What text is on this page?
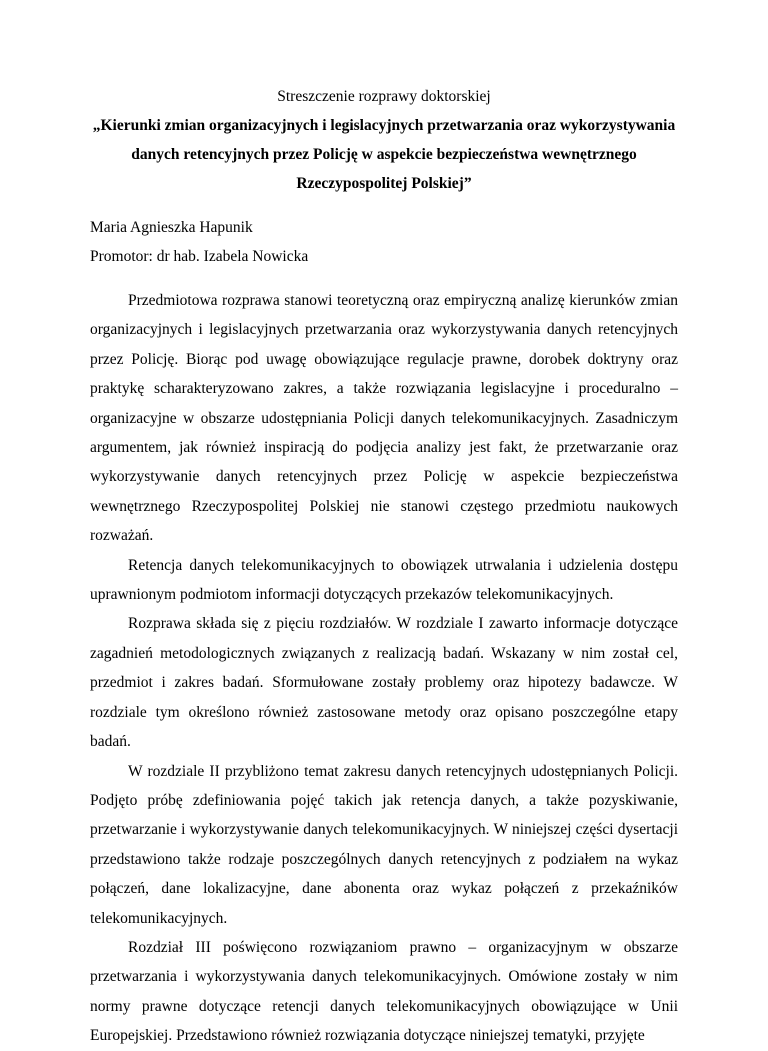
Streszczenie rozprawy doktorskiej
„Kierunki zmian organizacyjnych i legislacyjnych przetwarzania oraz wykorzystywania danych retencyjnych przez Policję w aspekcie bezpieczeństwa wewnętrznego Rzeczypospolitej Polskiej”
Maria Agnieszka Hapunik
Promotor: dr hab. Izabela Nowicka

Przedmiotowa rozprawa stanowi teoretyczną oraz empiryczną analizę kierunków zmian organizacyjnych i legislacyjnych przetwarzania oraz wykorzystywania danych retencyjnych przez Policję. Biorąc pod uwagę obowiązujące regulacje prawne, dorobek doktryny oraz praktykę scharakteryzowano zakres, a także rozwiązania legislacyjne i proceduralno – organizacyjne w obszarze udostępniania Policji danych telekomunikacyjnych. Zasadniczym argumentem, jak również inspiracją do podjęcia analizy jest fakt, że przetwarzanie oraz wykorzystywanie danych retencyjnych przez Policję w aspekcie bezpieczeństwa wewnętrznego Rzeczypospolitej Polskiej nie stanowi częstego przedmiotu naukowych rozważań.

Retencja danych telekomunikacyjnych to obowiązek utrwalania i udzielenia dostępu uprawnionym podmiotom informacji dotyczących przekazów telekomunikacyjnych.

Rozprawa składa się z pięciu rozdziałów. W rozdziale I zawarto informacje dotyczące zagadnień metodologicznych związanych z realizacją badań. Wskazany w nim został cel, przedmiot i zakres badań. Sformułowane zostały problemy oraz hipotezy badawcze. W rozdziale tym określono również zastosowane metody oraz opisano poszczególne etapy badań.

W rozdziale II przybliżono temat zakresu danych retencyjnych udostępnianych Policji. Podjęto próbę zdefiniowania pojęć takich jak retencja danych, a także pozyskiwanie, przetwarzanie i wykorzystywanie danych telekomunikacyjnych. W niniejszej części dysertacji przedstawiono także rodzaje poszczególnych danych retencyjnych z podziałem na wykaz połączeń, dane lokalizacyjne, dane abonenta oraz wykaz połączeń z przekaźników telekomunikacyjnych.

Rozdział III poświęcono rozwiązaniom prawno – organizacyjnym w obszarze przetwarzania i wykorzystywania danych telekomunikacyjnych. Omówione zostały w nim normy prawne dotyczące retencji danych telekomunikacyjnych obowiązujące w Unii Europejskiej. Przedstawiono również rozwiązania dotyczące niniejszej tematyki, przyjęte
